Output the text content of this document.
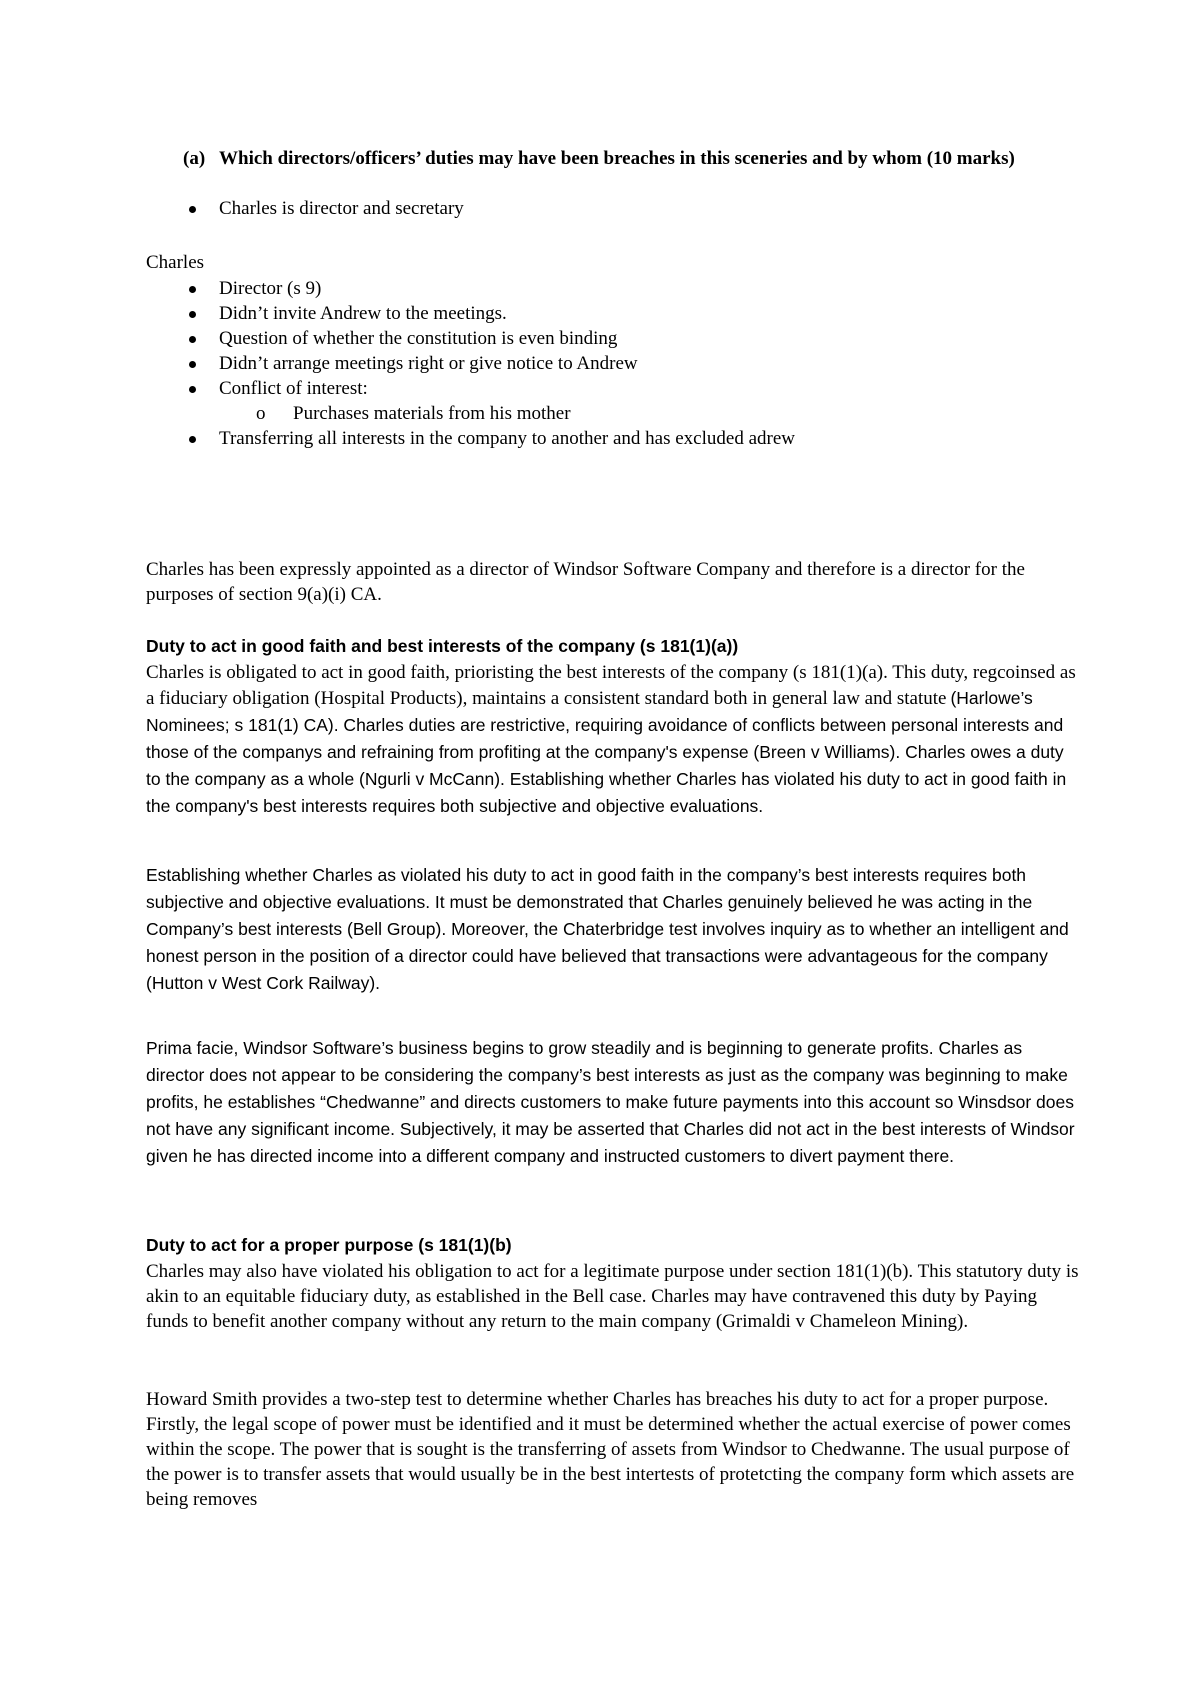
(a) Which directors/officers’ duties may have been breaches in this sceneries and by whom (10 marks)
Charles is director and secretary

Charles

Director (s 9)
Didn’t invite Andrew to the meetings.
Question of whether the constitution is even binding
Didn’t arrange meetings right or give notice to Andrew
Conflict of interest:
o Purchases materials from his mother
Transferring all interests in the company to another and has excluded adrew

Charles has been expressly appointed as a director of Windsor Software Company and therefore is a director for the purposes of section 9(a)(i) CA.

Duty to act in good faith and best interests of the company (s 181(1)(a))

Charles is obligated to act in good faith, prioristing the best interests of the company (s 181(1)(a). This duty, regcoinsed as a fiduciary obligation (Hospital Products), maintains a consistent standard both in general law and statute (Harlowe’s Nominees; s 181(1) CA). Charles duties are restrictive, requiring avoidance of conflicts between personal interests and those of the companys and refraining from profiting at the company's expense (Breen v Williams). Charles owes a duty to the company as a whole (Ngurli v McCann). Establishing whether Charles has violated his duty to act in good faith in the company's best interests requires both subjective and objective evaluations.

Establishing whether Charles as violated his duty to act in good faith in the company’s best interests requires both subjective and objective evaluations. It must be demonstrated that Charles genuinely believed he was acting in the Company’s best interests (Bell Group). Moreover, the Chaterbridge test involves inquiry as to whether an intelligent and honest person in the position of a director could have believed that transactions were advantageous for the company (Hutton v West Cork Railway).

Prima facie, Windsor Software’s business begins to grow steadily and is beginning to generate profits. Charles as director does not appear to be considering the company’s best interests as just as the company was beginning to make profits, he establishes “Chedwanne” and directs customers to make future payments into this account so Winsdsor does not have any significant income. Subjectively, it may be asserted that Charles did not act in the best interests of Windsor given he has directed income into a different company and instructed customers to divert payment there.

Duty to act for a proper purpose (s 181(1)(b)

Charles may also have violated his obligation to act for a legitimate purpose under section 181(1)(b). This statutory duty is akin to an equitable fiduciary duty, as established in the Bell case. Charles may have contravened this duty by Paying funds to benefit another company without any return to the main company (Grimaldi v Chameleon Mining).

Howard Smith provides a two-step test to determine whether Charles has breaches his duty to act for a proper purpose. Firstly, the legal scope of power must be identified and it must be determined whether the actual exercise of power comes within the scope. The power that is sought is the transferring of assets from Windsor to Chedwanne. The usual purpose of the power is to transfer assets that would usually be in the best intertests of protetcting the company form which assets are being removes
